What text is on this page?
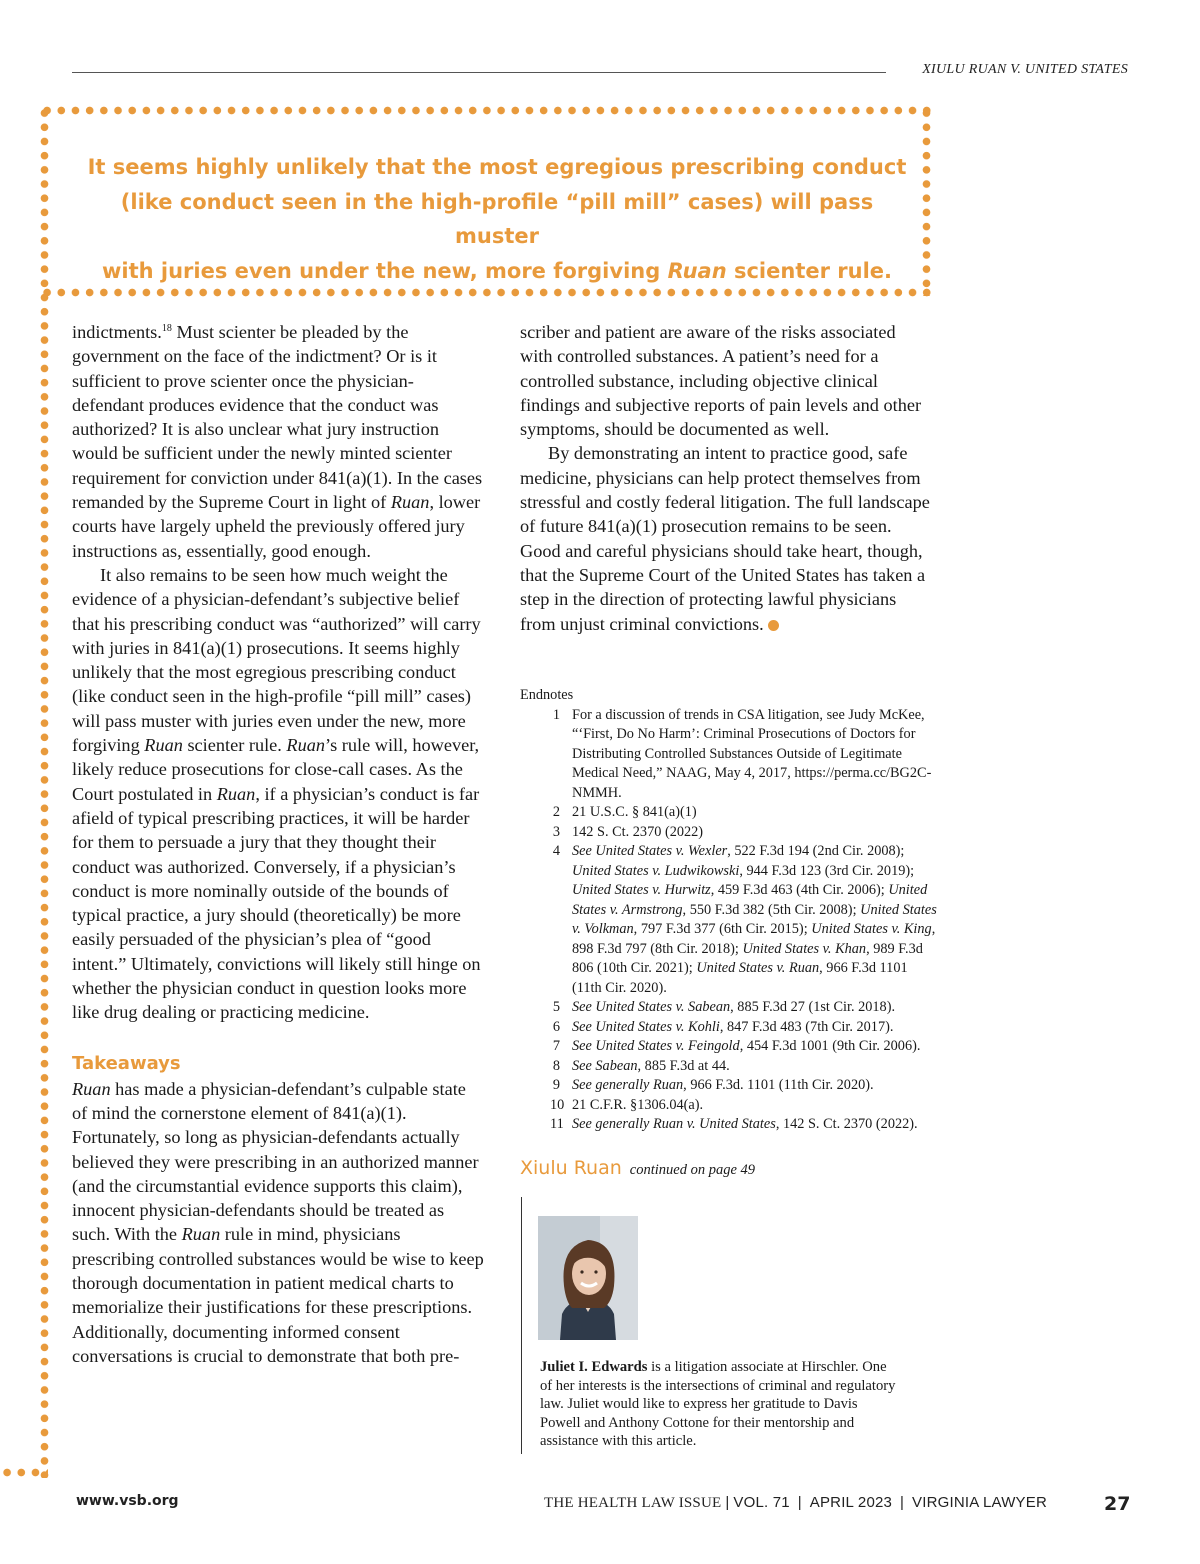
XIULU RUAN V. UNITED STATES
It seems highly unlikely that the most egregious prescribing conduct
(like conduct seen in the high-profile “pill mill” cases) will pass muster
with juries even under the new, more forgiving Ruan scienter rule.

indictments.$^{18}$ Must scienter be pleaded by the government on the face of the indictment? Or is it sufficient to prove scienter once the physician-defendant produces evidence that the conduct was authorized? It is also unclear what jury instruction would be sufficient under the newly minted scienter requirement for conviction under 841(a)(1). In the cases remanded by the Supreme Court in light of Ruan, lower courts have largely upheld the previously offered jury instructions as, essentially, good enough.

It also remains to be seen how much weight the evidence of a physician-defendant’s subjective belief that his prescribing conduct was “authorized” will carry with juries in 841(a)(1) prosecutions. It seems highly unlikely that the most egregious prescribing conduct (like conduct seen in the high-profile “pill mill” cases) will pass muster with juries even under the new, more forgiving Ruan scienter rule. Ruan’s rule will, however, likely reduce prosecutions for close-call cases. As the Court postulated in Ruan, if a physician’s conduct is far afield of typical prescribing practices, it will be harder for them to persuade a jury that they thought their conduct was authorized. Conversely, if a physician’s conduct is more nominally outside of the bounds of typical practice, a jury should (theoretically) be more easily persuaded of the physician’s plea of “good intent.” Ultimately, convictions will likely still hinge on whether the physician conduct in question looks more like drug dealing or practicing medicine.

Takeaways

Ruan has made a physician-defendant’s culpable state of mind the cornerstone element of 841(a)(1). Fortunately, so long as physician-defendants actually believed they were prescribing in an authorized manner (and the circumstantial evidence supports this claim), innocent physician-defendants should be treated as such. With the Ruan rule in mind, physicians prescribing controlled substances would be wise to keep thorough documentation in patient medical charts to memorialize their justifications for these prescriptions. Additionally, documenting informed consent conversations is crucial to demonstrate that both pre-

scriber and patient are aware of the risks associated with controlled substances. A patient’s need for a controlled substance, including objective clinical findings and subjective reports of pain levels and other symptoms, should be documented as well.

By demonstrating an intent to practice good, safe medicine, physicians can help protect themselves from stressful and costly federal litigation. The full landscape of future 841(a)(1) prosecution remains to be seen. Good and careful physicians should take heart, though, that the Supreme Court of the United States has taken a step in the direction of protecting lawful physicians from unjust criminal convictions.

Endnotes
1 For a discussion of trends in CSA litigation, see Judy McKee, “‘First, Do No Harm’: Criminal Prosecutions of Doctors for Distributing Controlled Substances Outside of Legitimate Medical Need,” NAAG, May 4, 2017, https://perma.cc/BG2C-NMMH.
2 21 U.S.C. § 841(a)(1)
3 142 S. Ct. 2370 (2022)
4 See United States v. Wexler, 522 F.3d 194 (2nd Cir. 2008); United States v. Ludwikowski, 944 F.3d 123 (3rd Cir. 2019); United States v. Hurwitz, 459 F.3d 463 (4th Cir. 2006); United States v. Armstrong, 550 F.3d 382 (5th Cir. 2008); United States v. Volkman, 797 F.3d 377 (6th Cir. 2015); United States v. King, 898 F.3d 797 (8th Cir. 2018); United States v. Khan, 989 F.3d 806 (10th Cir. 2021); United States v. Ruan, 966 F.3d 1101 (11th Cir. 2020).
5 See United States v. Sabean, 885 F.3d 27 (1st Cir. 2018).
6 See United States v. Kohli, 847 F.3d 483 (7th Cir. 2017).
7 See United States v. Feingold, 454 F.3d 1001 (9th Cir. 2006).
8 See Sabean, 885 F.3d at 44.
9 See generally Ruan, 966 F.3d. 1101 (11th Cir. 2020).
10 21 C.F.R. §1306.04(a).
11 See generally Ruan v. United States, 142 S. Ct. 2370 (2022).
Xiulu Ruan continued on page 49
Juliet I. Edwards is a litigation associate at Hirschler. One of her interests is the intersections of criminal and regulatory law. Juliet would like to express her gratitude to Davis Powell and Anthony Cottone for their mentorship and assistance with this article.
www.vsb.org	THE HEALTH LAW ISSUE | VOL. 71 | APRIL 2023 | VIRGINIA LAWYER	27
